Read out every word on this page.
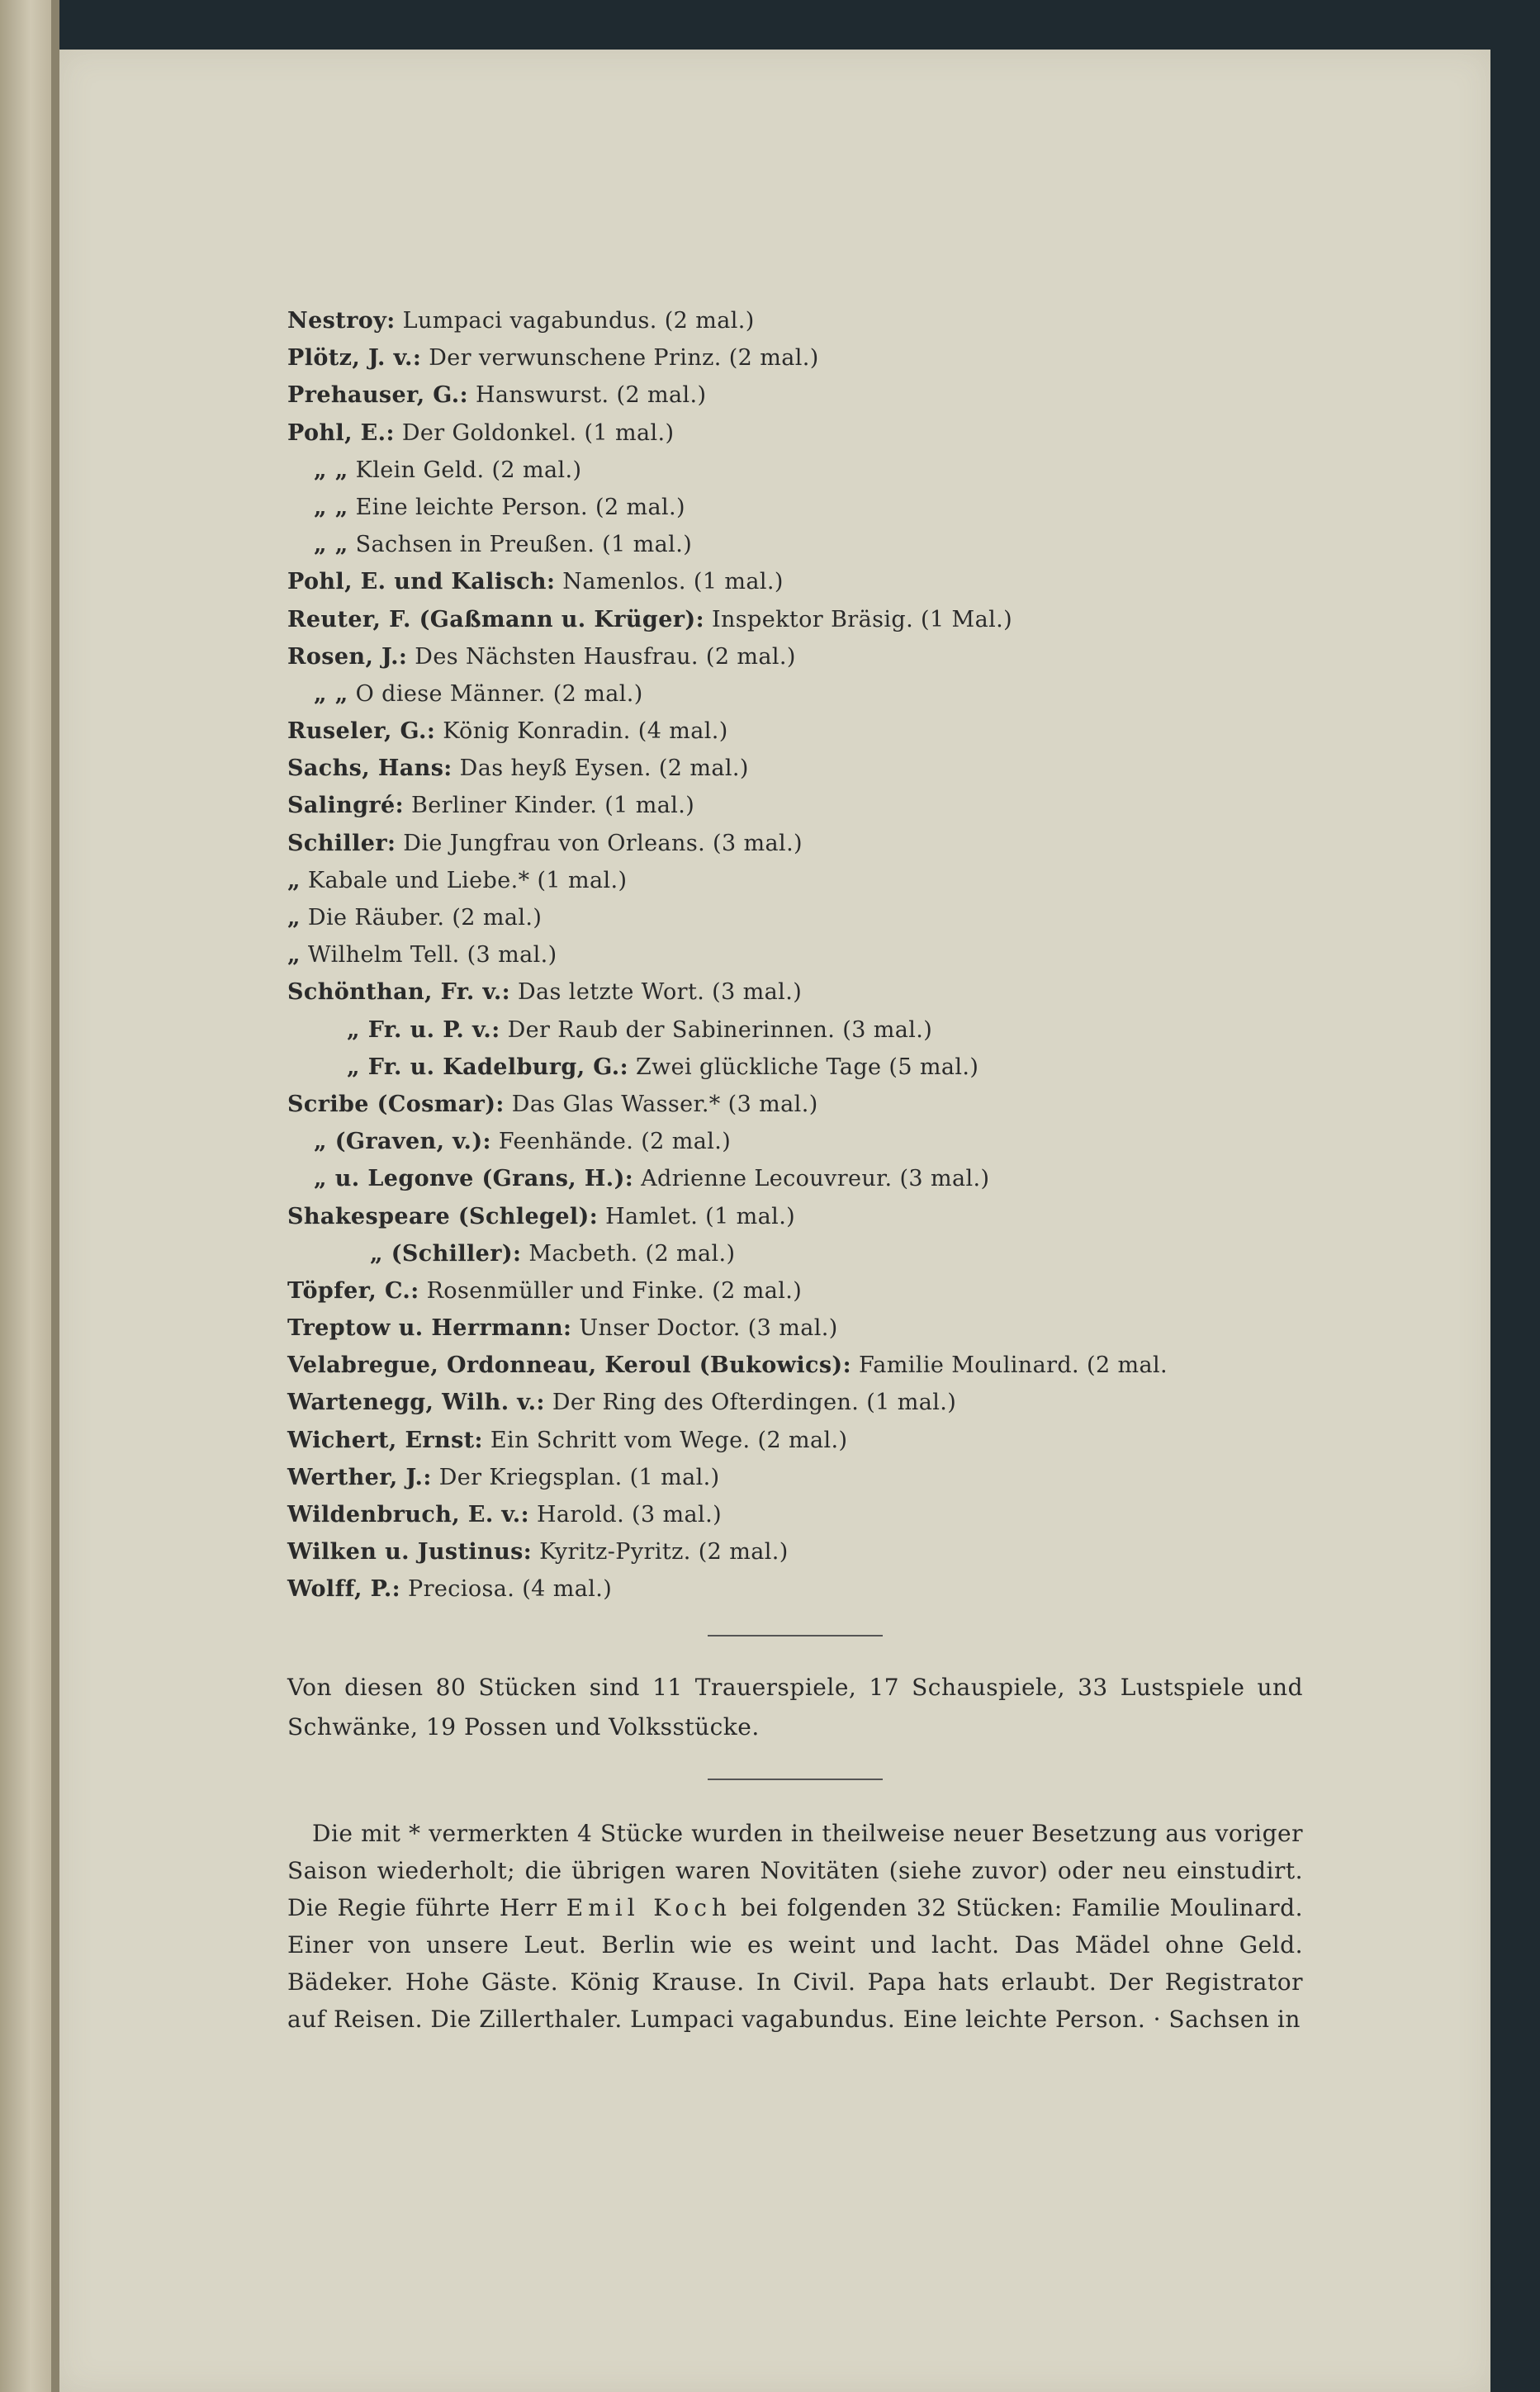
Nestroy: Lumpaci vagabundus. (2 mal.)
Plötz, J. v.: Der verwunschene Prinz. (2 mal.)
Prehauser, G.: Hanswurst. (2 mal.)
Pohl, E.: Der Goldonkel. (1 mal.)
„ „ Klein Geld. (2 mal.)
„ „ Eine leichte Person. (2 mal.)
„ „ Sachsen in Preußen. (1 mal.)
Pohl, E. und Kalisch: Namenlos. (1 mal.)
Reuter, F. (Gaßmann u. Krüger): Inspektor Bräsig. (1 Mal.)
Rosen, J.: Des Nächsten Hausfrau. (2 mal.)
„ „ O diese Männer. (2 mal.)
Ruseler, G.: König Konradin. (4 mal.)
Sachs, Hans: Das heyß Eysen. (2 mal.)
Salingré: Berliner Kinder. (1 mal.)
Schiller: Die Jungfrau von Orleans. (3 mal.)
„ Kabale und Liebe.* (1 mal.)
„ Die Räuber. (2 mal.)
„ Wilhelm Tell. (3 mal.)
Schönthan, Fr. v.: Das letzte Wort. (3 mal.)
„ Fr. u. P. v.: Der Raub der Sabinerinnen. (3 mal.)
„ Fr. u. Kadelburg, G.: Zwei glückliche Tage (5 mal.)
Scribe (Cosmar): Das Glas Wasser.* (3 mal.)
„ (Graven, v.): Feenhände. (2 mal.)
„ u. Legonve (Grans, H.): Adrienne Lecouvreur. (3 mal.)
Shakespeare (Schlegel): Hamlet. (1 mal.)
„ (Schiller): Macbeth. (2 mal.)
Töpfer, C.: Rosenmüller und Finke. (2 mal.)
Treptow u. Herrmann: Unser Doctor. (3 mal.)
Velabregue, Ordonneau, Keroul (Bukowics): Familie Moulinard. (2 mal.
Wartenegg, Wilh. v.: Der Ring des Ofterdingen. (1 mal.)
Wichert, Ernst: Ein Schritt vom Wege. (2 mal.)
Werther, J.: Der Kriegsplan. (1 mal.)
Wildenbruch, E. v.: Harold. (3 mal.)
Wilken u. Justinus: Kyritz-Pyritz. (2 mal.)
Wolff, P.: Preciosa. (4 mal.)
Von diesen 80 Stücken sind 11 Trauerspiele, 17 Schauspiele, 33 Lustspiele und Schwänke, 19 Possen und Volksstücke.

Die mit * vermerkten 4 Stücke wurden in theilweise neuer Besetzung aus voriger Saison wiederholt; die übrigen waren Novitäten (siehe zuvor) oder neu einstudirt. Die Regie führte Herr Emil Koch bei folgenden 32 Stücken: Familie Moulinard. Einer von unsere Leut. Berlin wie es weint und lacht. Das Mädel ohne Geld. Bädeker. Hohe Gäste. König Krause. In Civil. Papa hats erlaubt. Der Registrator auf Reisen. Die Zillerthaler. Lumpaci vagabundus. Eine leichte Person. · Sachsen in
